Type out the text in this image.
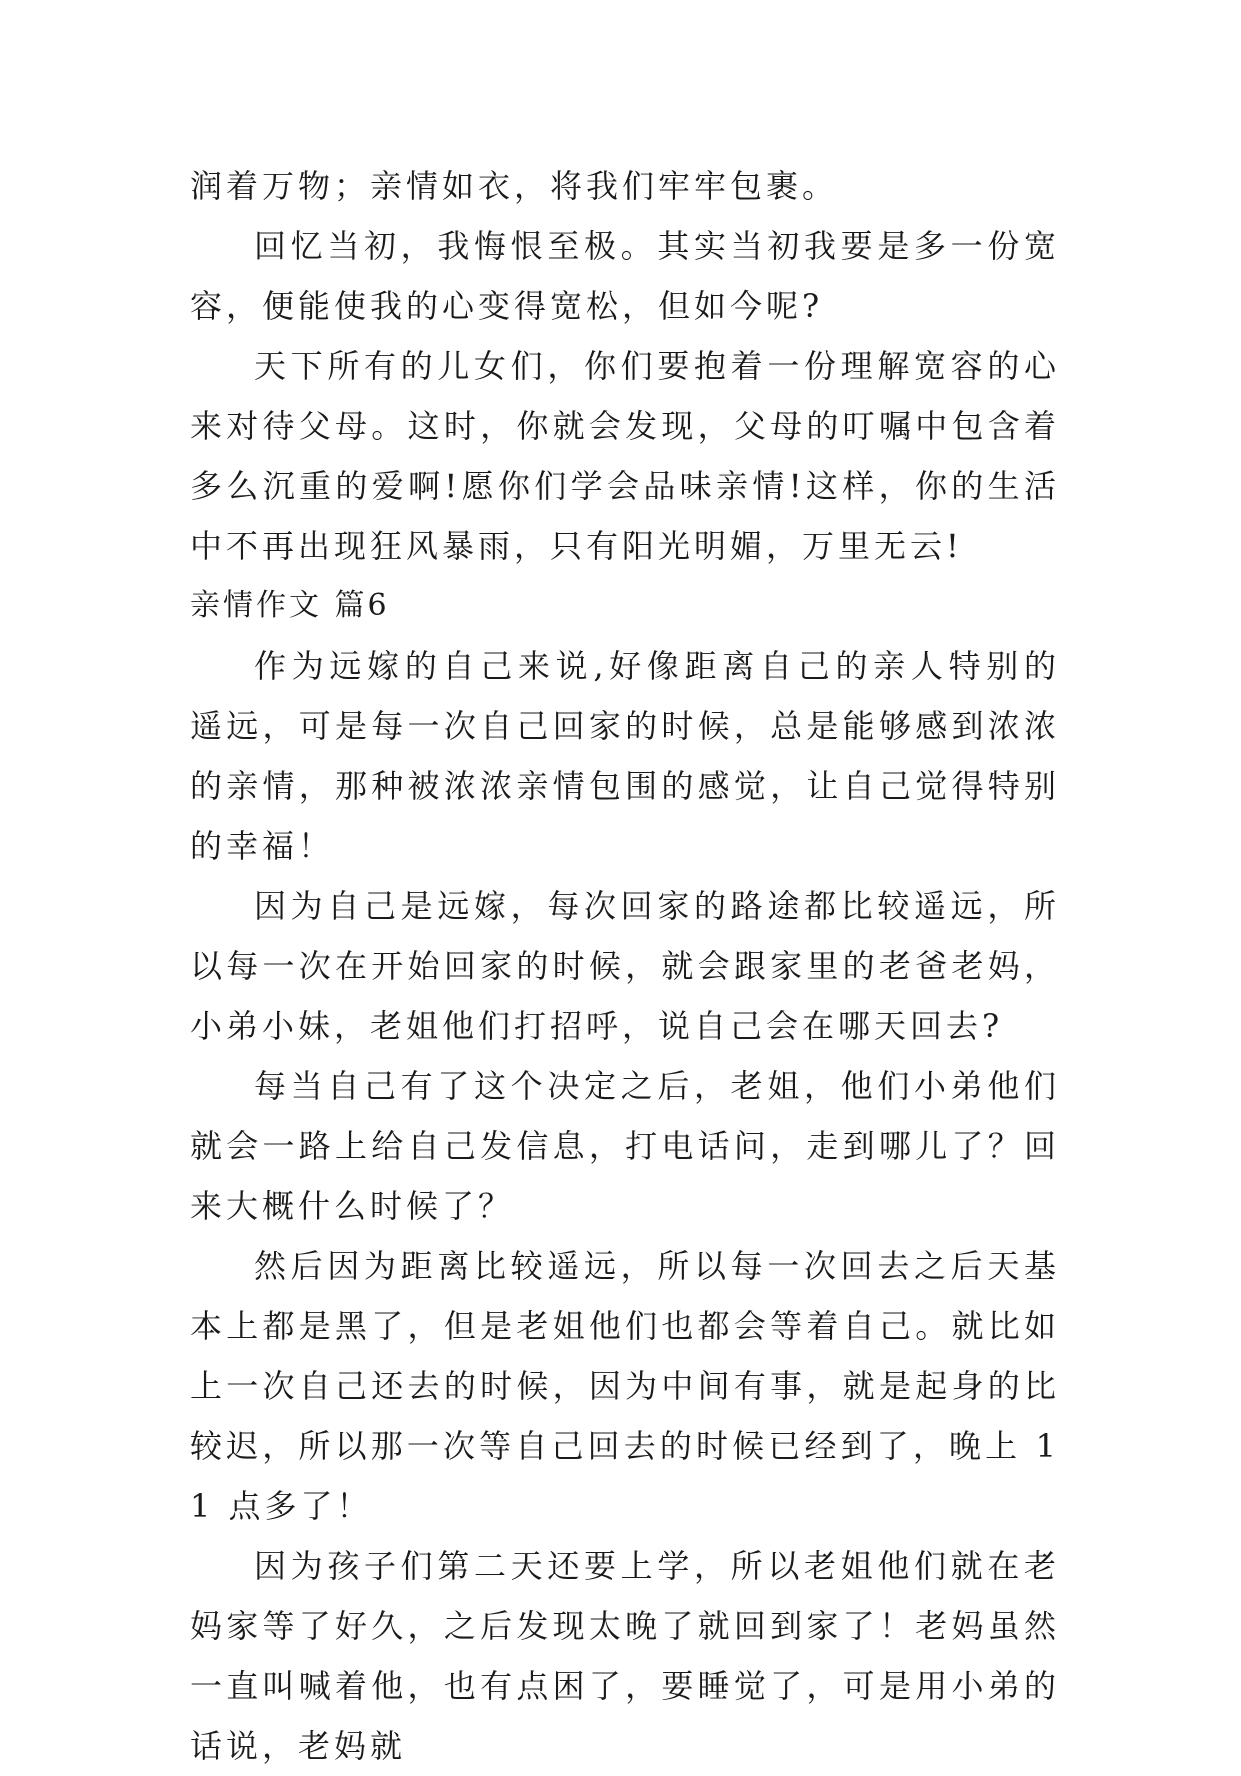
润着万物；亲情如衣，将我们牢牢包裹。

回忆当初，我悔恨至极。其实当初我要是多一份宽容，便能使我的心变得宽松，但如今呢?

天下所有的儿女们，你们要抱着一份理解宽容的心来对待父母。这时，你就会发现，父母的叮嘱中包含着多么沉重的爱啊!愿你们学会品味亲情!这样，你的生活中不再出现狂风暴雨，只有阳光明媚，万里无云!

亲情作文 篇6

作为远嫁的自己来说,好像距离自己的亲人特别的遥远，可是每一次自己回家的时候，总是能够感到浓浓的亲情，那种被浓浓亲情包围的感觉，让自己觉得特别的幸福！

因为自己是远嫁，每次回家的路途都比较遥远，所以每一次在开始回家的时候，就会跟家里的老爸老妈，小弟小妹，老姐他们打招呼，说自己会在哪天回去?

每当自己有了这个决定之后，老姐，他们小弟他们就会一路上给自己发信息，打电话问，走到哪儿了？回来大概什么时候了？

然后因为距离比较遥远，所以每一次回去之后天基本上都是黑了，但是老姐他们也都会等着自己。就比如上一次自己还去的时候，因为中间有事，就是起身的比较迟，所以那一次等自己回去的时候已经到了，晚上 11 点多了！

因为孩子们第二天还要上学，所以老姐他们就在老妈家等了好久，之后发现太晚了就回到家了！老妈虽然一直叫喊着他，也有点困了，要睡觉了，可是用小弟的话说，老妈就
